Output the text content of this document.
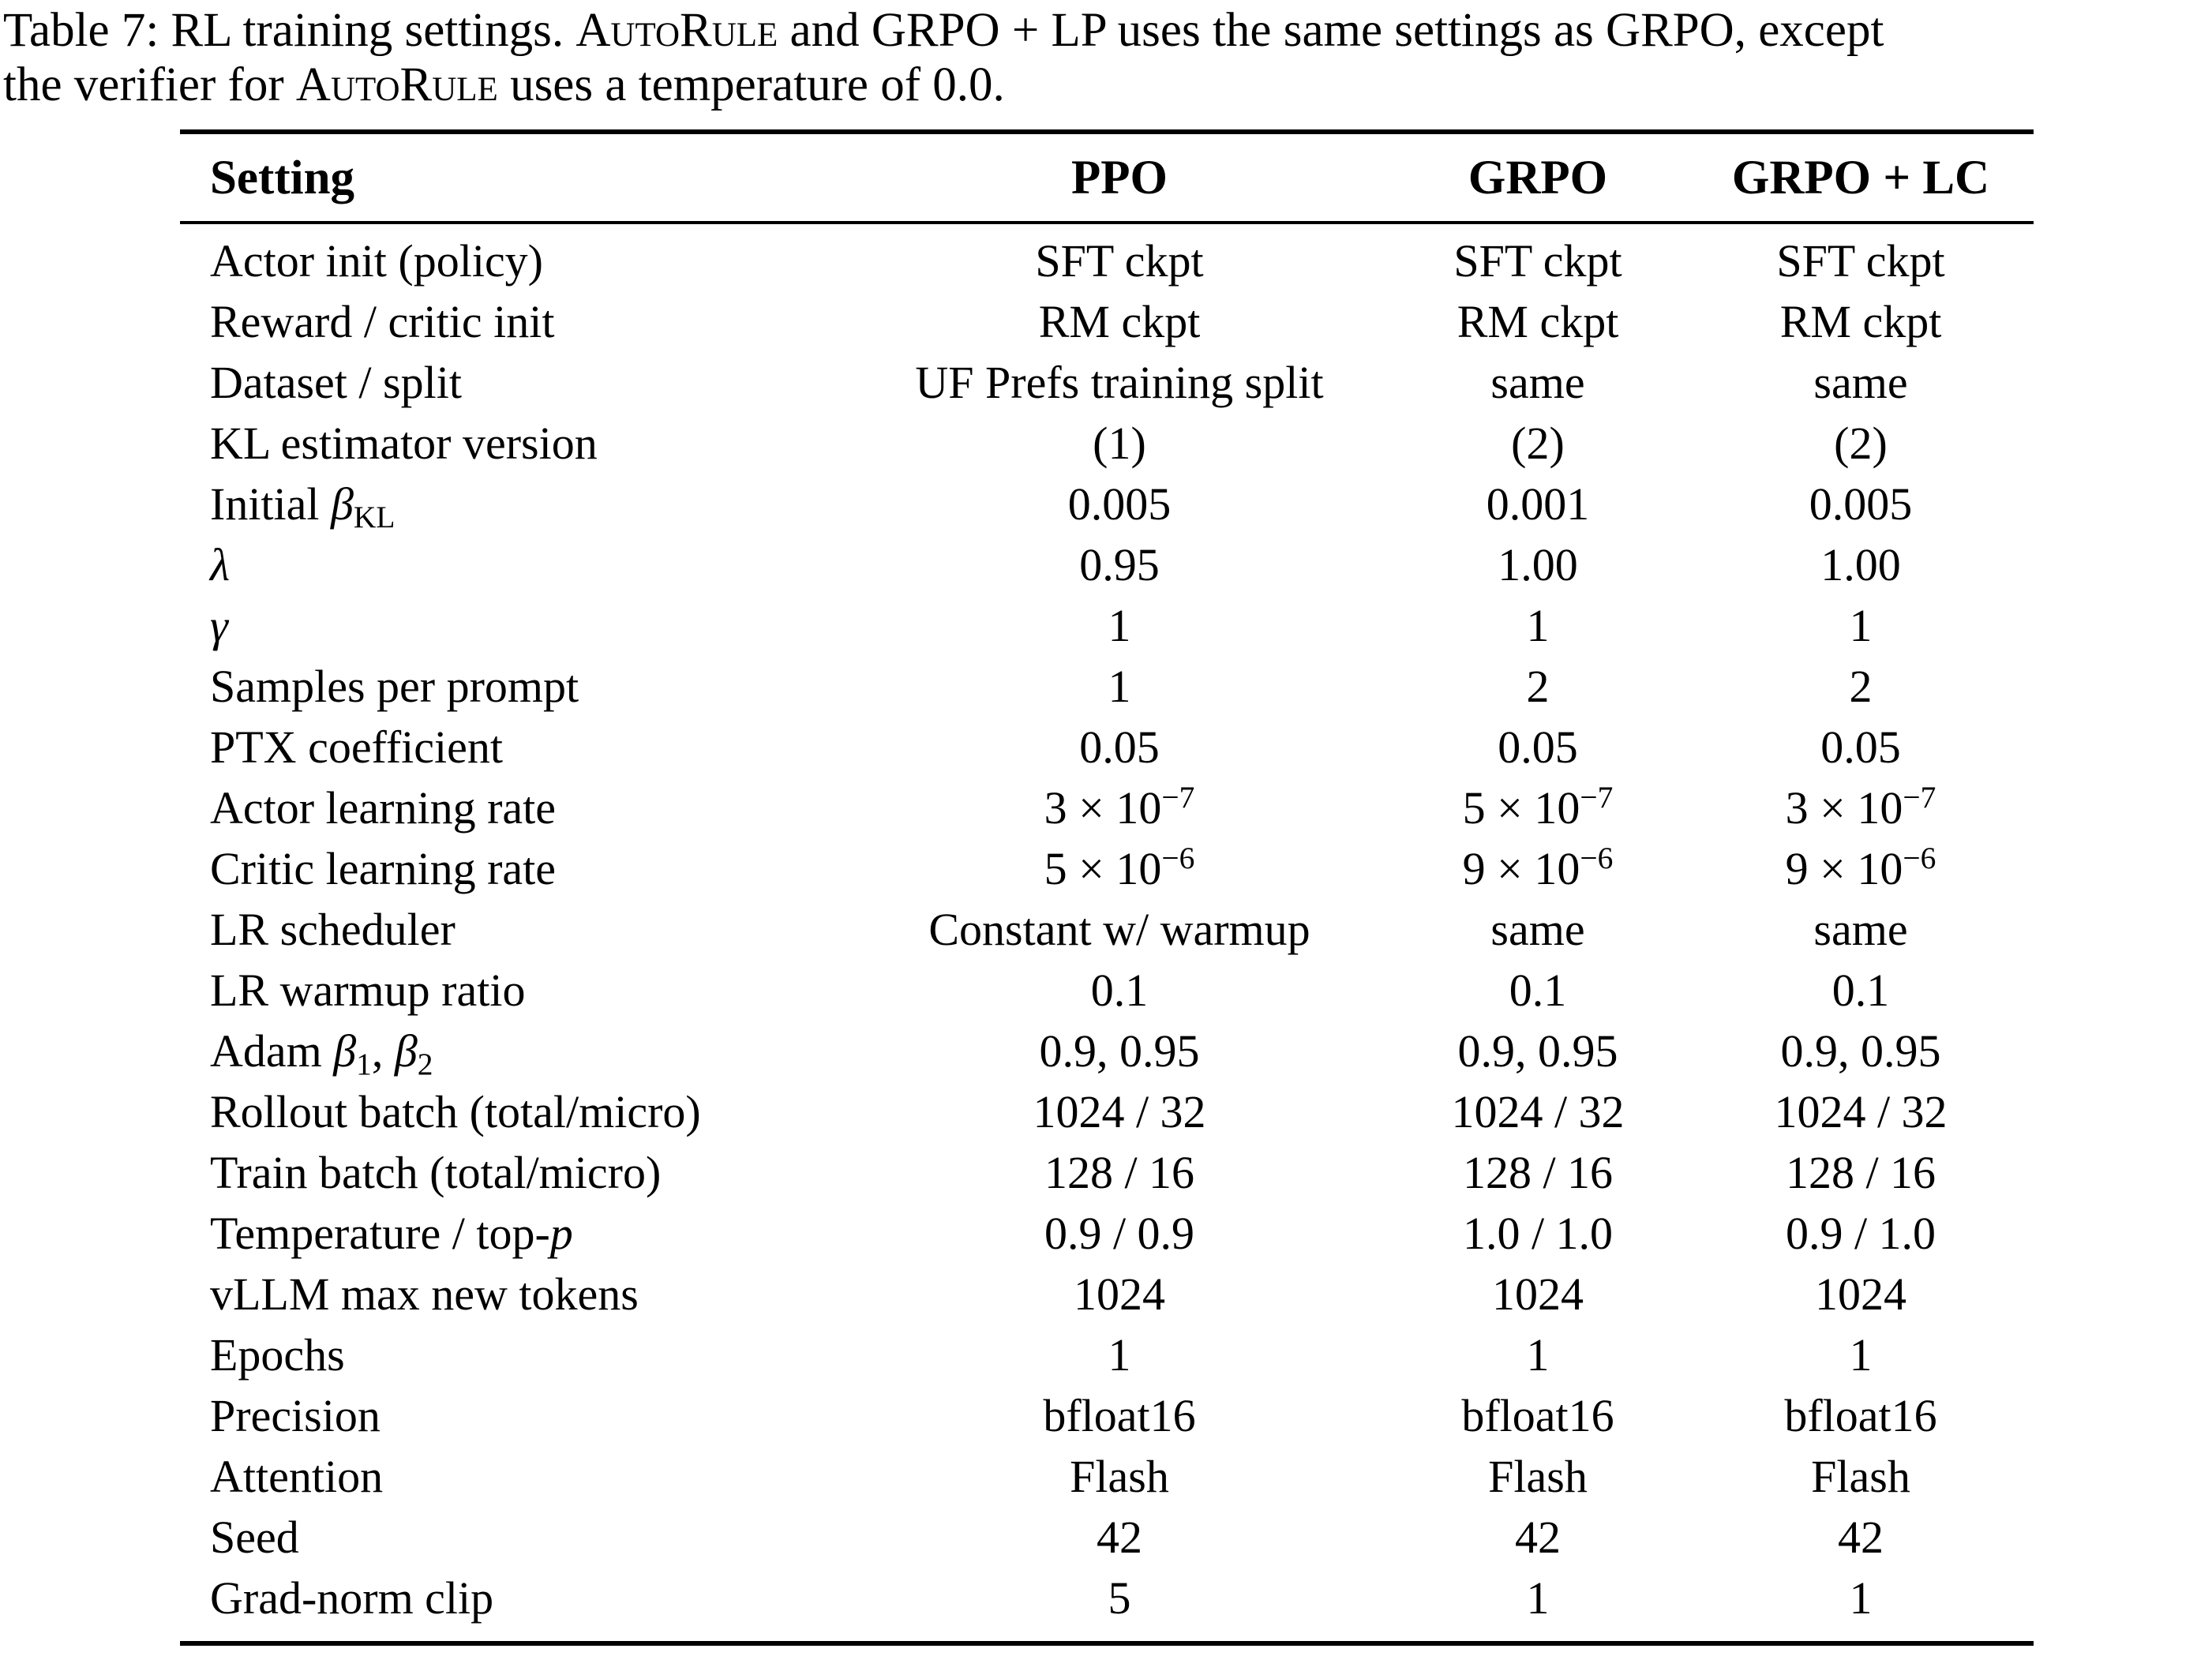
Table 7: RL training settings. AutoRule and GRPO + LP uses the same settings as GRPO, except
the verifier for AutoRule uses a temperature of 0.0.
Setting	PPO	GRPO	GRPO + LC
Actor init (policy)	SFT ckpt	SFT ckpt	SFT ckpt
Reward / critic init	RM ckpt	RM ckpt	RM ckpt
Dataset / split	UF Prefs training split	same	same
KL estimator version	(1)	(2)	(2)
Initial $\beta_{KL}$	0.005	0.001	0.005
λ	0.95	1.00	1.00
γ	1	1	1
Samples per prompt	1	2	2
PTX coefficient	0.05	0.05	0.05
Actor learning rate	$3 \times 10^{-7}$	$5 \times 10^{-7}$	$3 \times 10^{-7}$
Critic learning rate	$5 \times 10^{-6}$	$9 \times 10^{-6}$	$9 \times 10^{-6}$
LR scheduler	Constant w/ warmup	same	same
LR warmup ratio	0.1	0.1	0.1
Adam $\beta_1$, $\beta_2$	0.9, 0.95	0.9, 0.95	0.9, 0.95
Rollout batch (total/micro)	1024 / 32	1024 / 32	1024 / 32
Train batch (total/micro)	128 / 16	128 / 16	128 / 16
Temperature / top-p	0.9 / 0.9	1.0 / 1.0	0.9 / 1.0
vLLM max new tokens	1024	1024	1024
Epochs	1	1	1
Precision	bfloat16	bfloat16	bfloat16
Attention	Flash	Flash	Flash
Seed	42	42	42
Grad-norm clip	5	1	1
